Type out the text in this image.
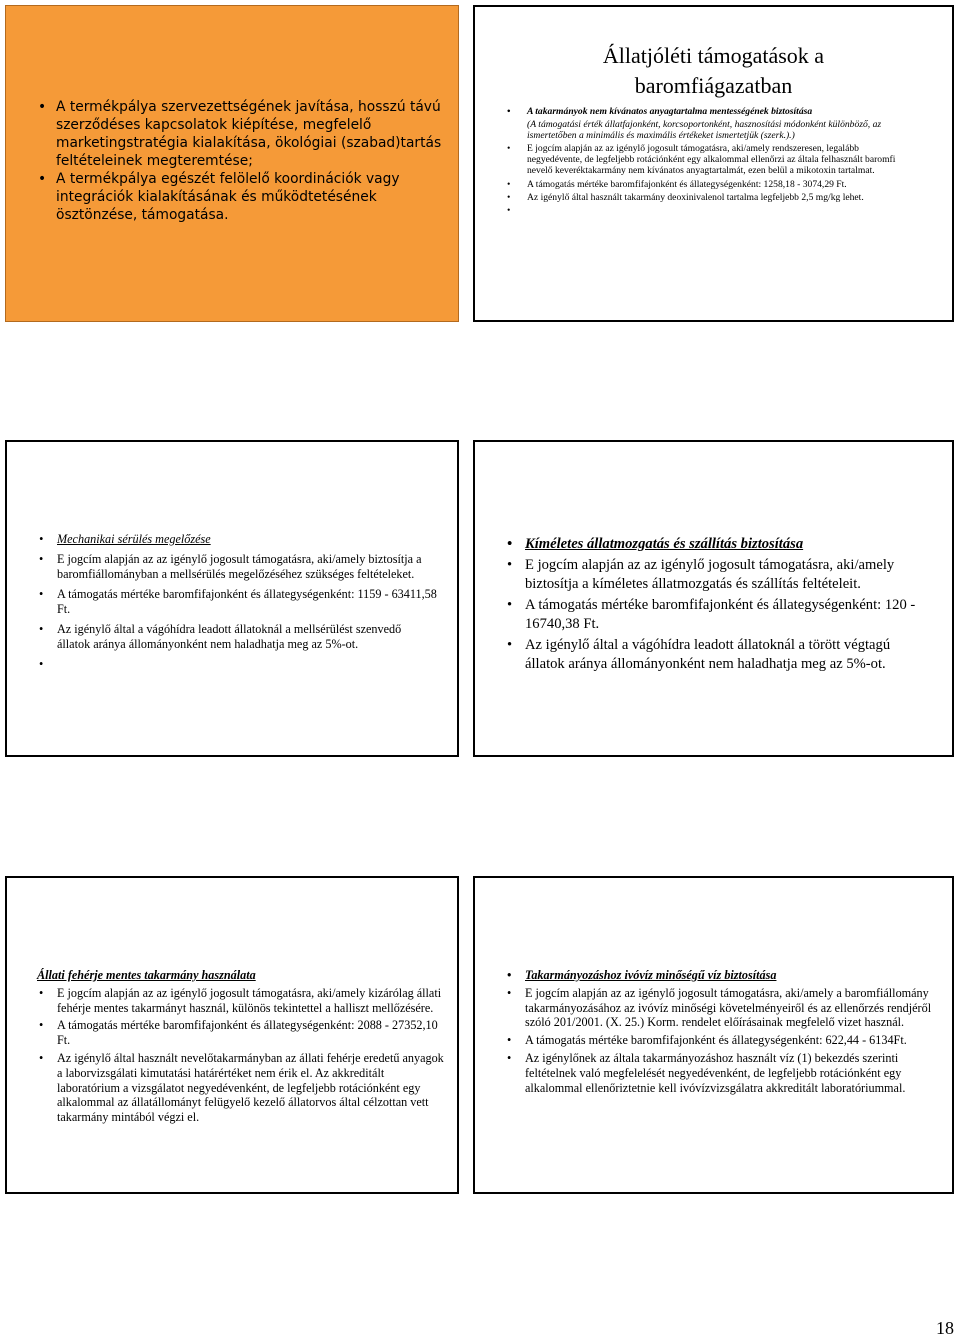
• A termékpálya szervezettségének javítása, hosszú távú szerződéses kapcsolatok kiépítése, megfelelő marketingstratégia kialakítása, ökológiai (szabad)tartás feltételeinek megteremtése;
• A termékpálya egészét felölelő koordinációk vagy integrációk kialakításának és működtetésének ösztönzése, támogatása.
Állatjóléti támogatások a
baromfiágazatban
• A takarmányok nem kívánatos anyagtartalma mentességének biztosítása
(A támogatási érték állatfajonként, korcsoportonként, hasznosítási módonként különböző, az ismertetőben a minimális és maximális értékeket ismertetjük (szerk.).)
• E jogcím alapján az az igénylő jogosult támogatásra, aki/amely rendszeresen, legalább negyedévente, de legfeljebb rotációnként egy alkalommal ellenőrzi az általa felhasznált baromfi nevelő keveréktakarmány nem kívánatos anyagtartalmát, ezen belül a mikotoxin tartalmat.
• A támogatás mértéke baromfifajonként és állategységenként: 1258,18 - 3074,29 Ft.
• Az igénylő által használt takarmány deoxinivalenol tartalma legfeljebb 2,5 mg/kg lehet.
•
• Mechanikai sérülés megelőzése
• E jogcím alapján az az igénylő jogosult támogatásra, aki/amely biztosítja a baromfiállományban a mellsérülés megelőzéséhez szükséges feltételeket.
• A támogatás mértéke baromfifajonként és állategységenként: 1159 - 63411,58 Ft.
• Az igénylő által a vágóhídra leadott állatoknál a mellsérülést szenvedő állatok aránya állományonként nem haladhatja meg az 5%-ot.
•
• Kíméletes állatmozgatás és szállítás biztosítása
• E jogcím alapján az az igénylő jogosult támogatásra, aki/amely biztosítja a kíméletes állatmozgatás és szállítás feltételeit.
• A támogatás mértéke baromfifajonként és állategységenként: 120 - 16740,38 Ft.
• Az igénylő által a vágóhídra leadott állatoknál a törött végtagú állatok aránya állományonként nem haladhatja meg az 5%-ot.
Állati fehérje mentes takarmány használata
• E jogcím alapján az az igénylő jogosult támogatásra, aki/amely kizárólag állati fehérje mentes takarmányt használ, különös tekintettel a halliszt mellőzésére.
• A támogatás mértéke baromfifajonként és állategységenként: 2088 - 27352,10 Ft.
• Az igénylő által használt nevelőtakarmányban az állati fehérje eredetű anyagok a laborvizsgálati kimutatási határértéket nem érik el. Az akkreditált laboratórium a vizsgálatot negyedévenként, de legfeljebb rotációnként egy alkalommal az állatállományt felügyelő kezelő állatorvos által célzottan vett takarmány mintából végzi el.
• Takarmányozáshoz ivóvíz minőségű víz biztosítása
• E jogcím alapján az az igénylő jogosult támogatásra, aki/amely a baromfiállomány takarmányozásához az ivóvíz minőségi követelményeiről és az ellenőrzés rendjéről szóló 201/2001. (X. 25.) Korm. rendelet előírásainak megfelelő vizet használ.
• A támogatás mértéke baromfifajonként és állategységenként: 622,44 - 6134Ft.
• Az igénylőnek az általa takarmányozáshoz használt víz (1) bekezdés szerinti feltételnek való megfelelését negyedévenként, de legfeljebb rotációnként egy alkalommal ellenőriztetnie kell ivóvízvizsgálatra akkreditált laboratóriummal.
18
